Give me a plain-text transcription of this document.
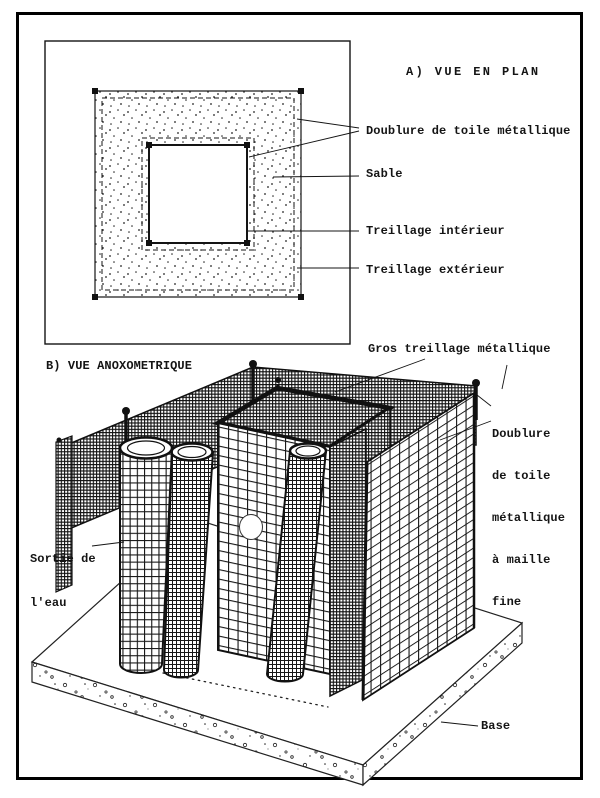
A) VUE EN PLAN
Doublure de toile métallique
Sable
Treillage intérieur
Treillage extérieur
B) VUE ANOXOMETRIQUE
Gros treillage métallique

Doublure

de toile

métallique

à maille

fine

Sortie de

l'eau

Base
